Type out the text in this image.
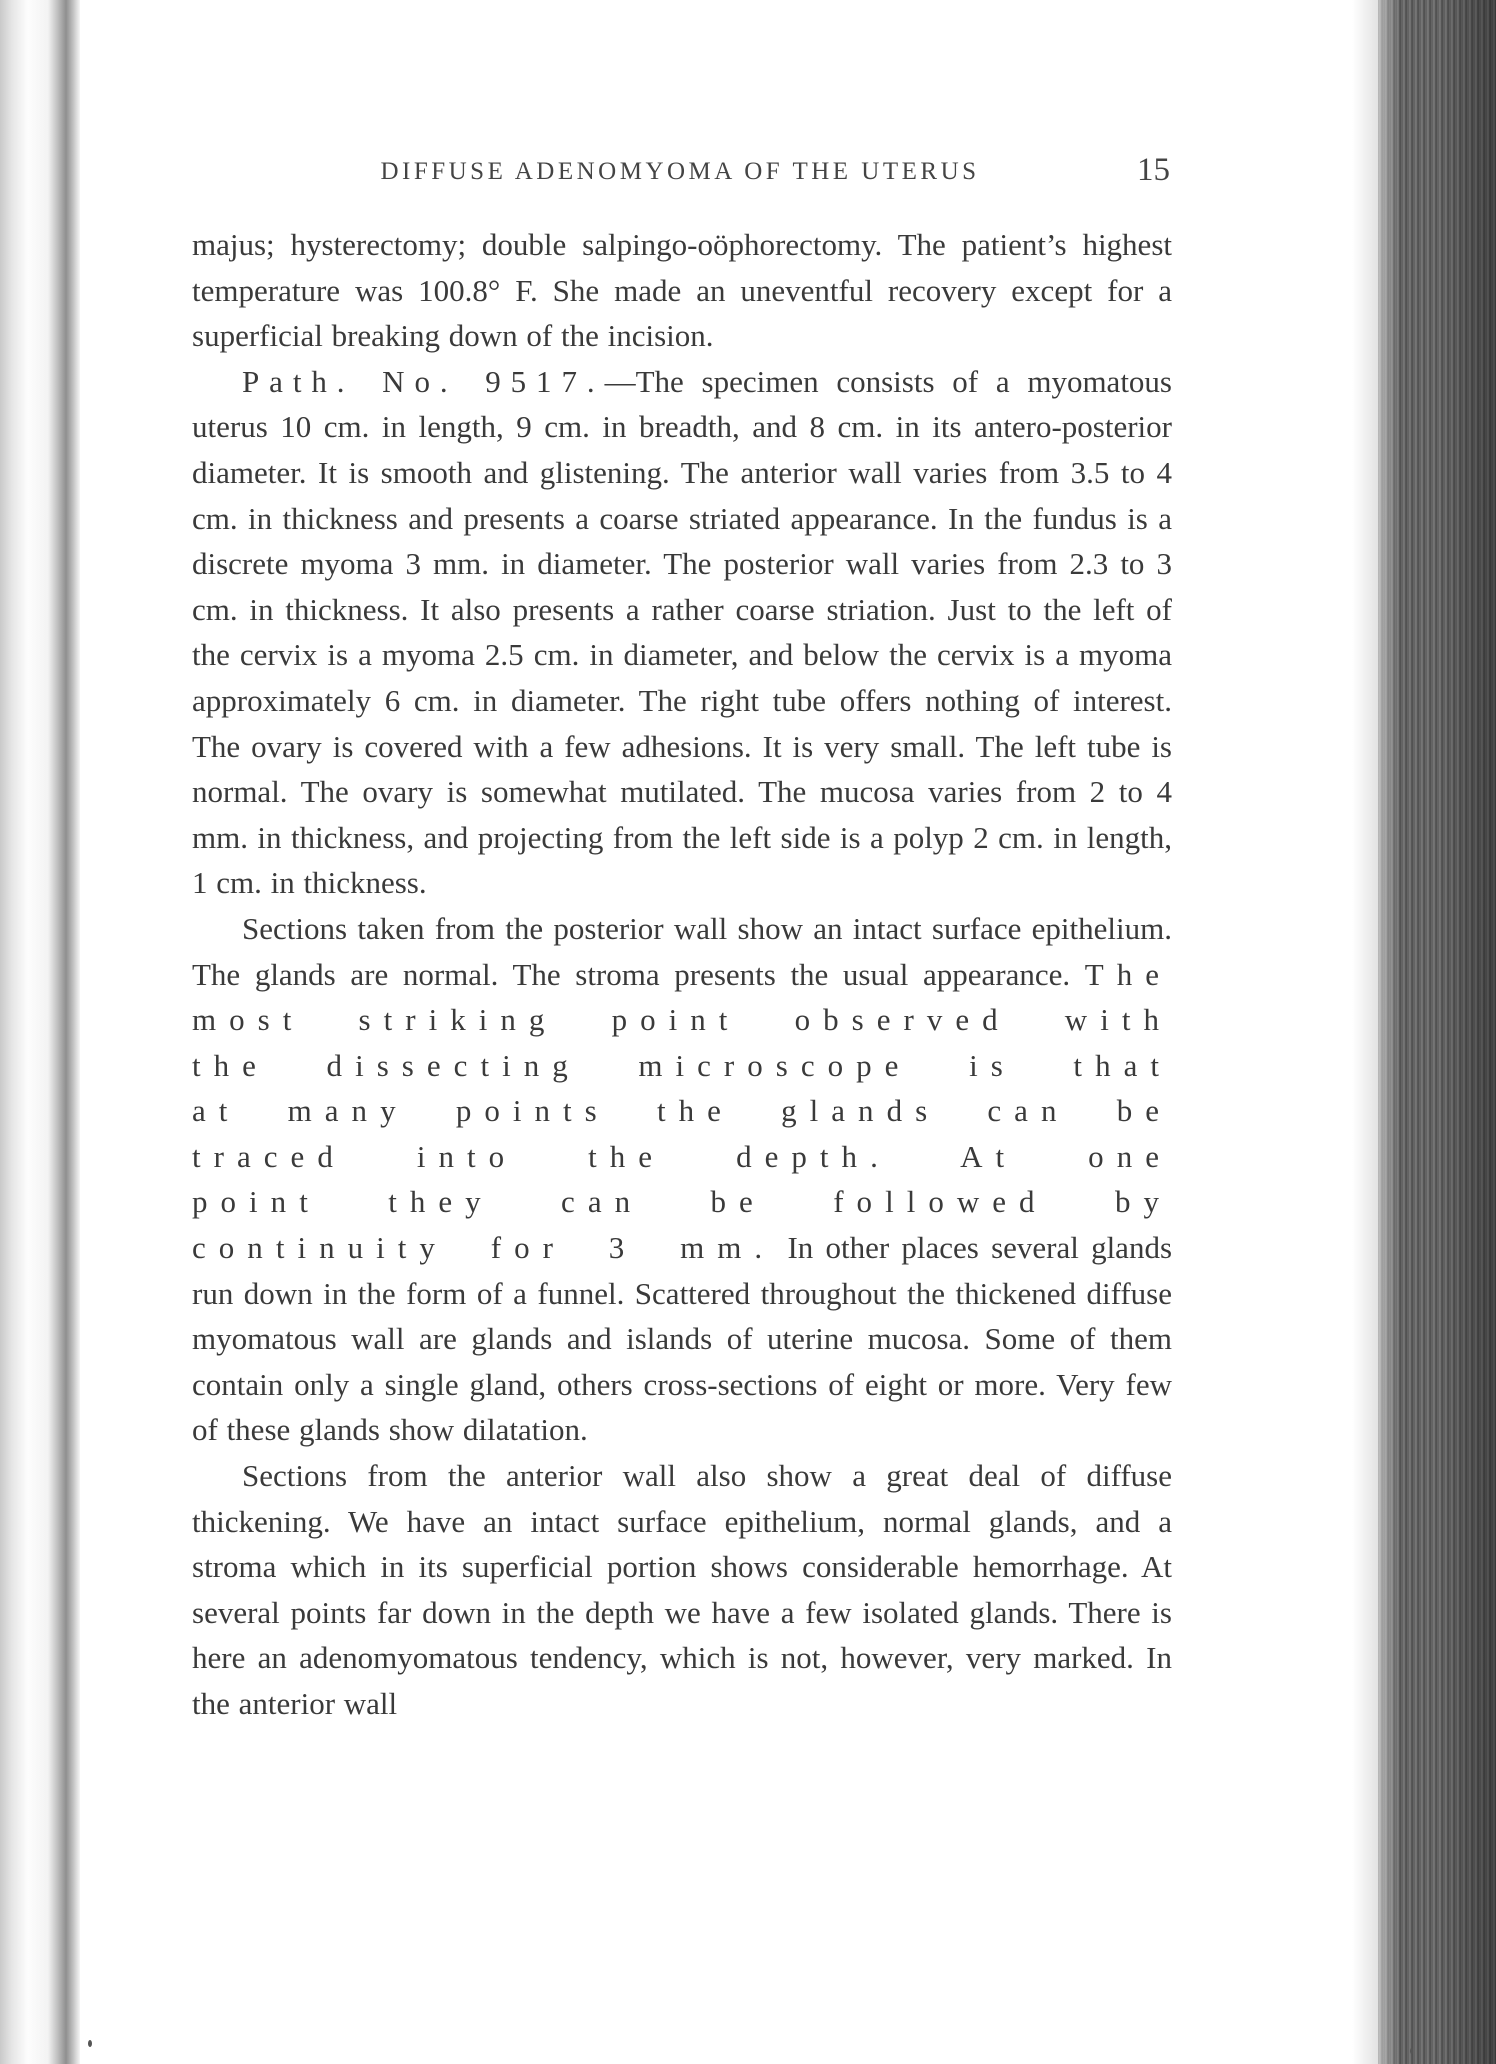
DIFFUSE ADENOMYOMA OF THE UTERUS	15

majus; hysterectomy; double salpingo-oöphorectomy. The patient’s highest temperature was 100.8° F. She made an uneventful recovery except for a superficial breaking down of the incision.

Path. No. 9517.—The specimen consists of a myomatous uterus 10 cm. in length, 9 cm. in breadth, and 8 cm. in its antero-posterior diameter. It is smooth and glistening. The anterior wall varies from 3.5 to 4 cm. in thickness and presents a coarse striated appearance. In the fundus is a discrete myoma 3 mm. in diameter. The posterior wall varies from 2.3 to 3 cm. in thickness. It also presents a rather coarse striation. Just to the left of the cervix is a myoma 2.5 cm. in diameter, and below the cervix is a myoma approximately 6 cm. in diameter. The right tube offers nothing of interest. The ovary is covered with a few adhesions. It is very small. The left tube is normal. The ovary is somewhat mutilated. The mucosa varies from 2 to 4 mm. in thickness, and projecting from the left side is a polyp 2 cm. in length, 1 cm. in thickness.

Sections taken from the posterior wall show an intact surface epithelium. The glands are normal. The stroma presents the usual appearance. The most striking point observed with the dissecting microscope is that at many points the glands can be traced into the depth. At one point they can be followed by continuity for 3 mm. In other places several glands run down in the form of a funnel. Scattered throughout the thickened diffuse myomatous wall are glands and islands of uterine mucosa. Some of them contain only a single gland, others cross-sections of eight or more. Very few of these glands show dilatation.

Sections from the anterior wall also show a great deal of diffuse thickening. We have an intact surface epithelium, normal glands, and a stroma which in its superficial portion shows considerable hemorrhage. At several points far down in the depth we have a few isolated glands. There is here an adenomyomatous tendency, which is not, however, very marked. In the anterior wall
